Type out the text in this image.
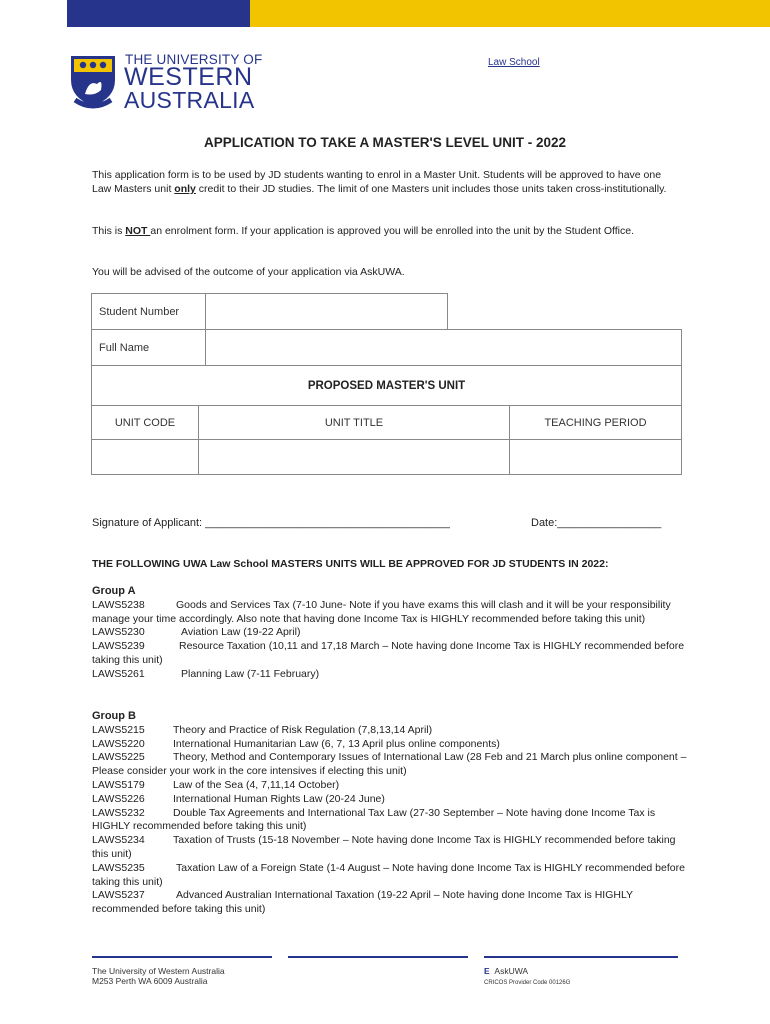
THE UNIVERSITY OF
WESTERN
AUSTRALIA
Law School
APPLICATION TO TAKE A MASTER'S LEVEL UNIT - 2022
This application form is to be used by JD students wanting to enrol in a Master Unit. Students will be approved to have one Law Masters unit only credit to their JD studies. The limit of one Masters unit includes those units taken cross-institutionally.
This is NOT an enrolment form. If your application is approved you will be enrolled into the unit by the Student Office.
You will be advised of the outcome of your application via AskUWA.
Student Number	
Full Name	
PROPOSED MASTER'S UNIT		
UNIT CODE	UNIT TITLE	TEACHING PERIOD

Signature of Applicant: ________________________________________	Date:_________________
THE FOLLOWING UWA Law School MASTERS UNITS WILL BE APPROVED FOR JD STUDENTS IN 2022:
Group A
LAWS5238	Goods and Services Tax (7-10 June- Note if you have exams this will clash and it will be your responsibility manage your time accordingly. Also note that having done Income Tax is HIGHLY recommended before taking this unit)
LAWS5230	Aviation Law (19-22 April)
LAWS5239	Resource Taxation (10,11 and 17,18 March – Note having done Income Tax is HIGHLY recommended before taking this unit)
LAWS5261	Planning Law (7-11 February)
Group B
LAWS5215	Theory and Practice of Risk Regulation (7,8,13,14 April)
LAWS5220	International Humanitarian Law (6, 7, 13 April plus online components)
LAWS5225	Theory, Method and Contemporary Issues of International Law (28 Feb and 21 March plus online component – Please consider your work in the core intensives if electing this unit)
LAWS5179	Law of the Sea (4, 7,11,14 October)
LAWS5226	International Human Rights Law (20-24 June)
LAWS5232	Double Tax Agreements and International Tax Law (27-30 September – Note having done Income Tax is HIGHLY recommended before taking this unit)
LAWS5234	Taxation of Trusts (15-18 November – Note having done Income Tax is HIGHLY recommended before taking this unit)
LAWS5235	Taxation Law of a Foreign State (1-4 August – Note having done Income Tax is HIGHLY recommended before taking this unit)
LAWS5237	Advanced Australian International Taxation (19-22 April – Note having done Income Tax is HIGHLY recommended before taking this unit)
The University of Western Australia
M253 Perth WA 6009 Australia
E AskUWA
CRICOS Provider Code 00126G
